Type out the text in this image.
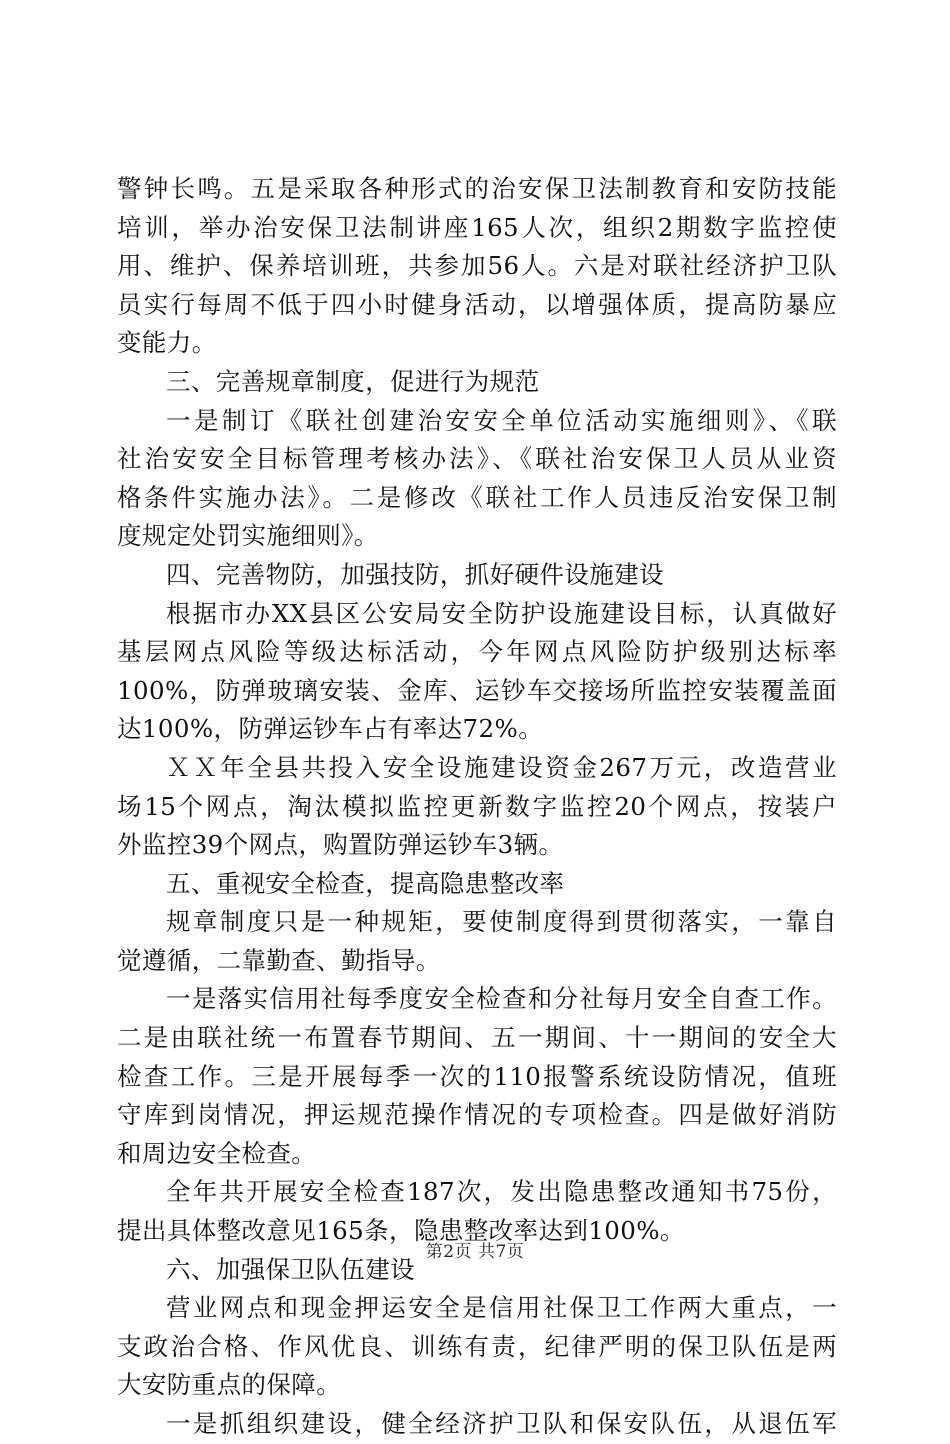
警钟长鸣。五是采取各种形式的治安保卫法制教育和安防技能
培训，举办治安保卫法制讲座165人次，组织2期数字监控使
用、维护、保养培训班，共参加56人。六是对联社经济护卫队
员实行每周不低于四小时健身活动，以增强体质，提高防暴应
变能力。
三、完善规章制度，促进行为规范
一是制订《联社创建治安安全单位活动实施细则》、《联
社治安安全目标管理考核办法》、《联社治安保卫人员从业资
格条件实施办法》。二是修改《联社工作人员违反治安保卫制
度规定处罚实施细则》。
四、完善物防，加强技防，抓好硬件设施建设
根据市办XX县区公安局安全防护设施建设目标，认真做好
基层网点风险等级达标活动，今年网点风险防护级别达标率
100%，防弹玻璃安装、金库、运钞车交接场所监控安装覆盖面
达100%，防弹运钞车占有率达72%。
ＸＸ年全县共投入安全设施建设资金267万元，改造营业
场15个网点，淘汰模拟监控更新数字监控20个网点，按装户
外监控39个网点，购置防弹运钞车3辆。
五、重视安全检查，提高隐患整改率
规章制度只是一种规矩，要使制度得到贯彻落实，一靠自
觉遵循，二靠勤查、勤指导。
一是落实信用社每季度安全检查和分社每月安全自查工作。
二是由联社统一布置春节期间、五一期间、十一期间的安全大
检查工作。三是开展每季一次的110报警系统设防情况，值班
守库到岗情况，押运规范操作情况的专项检查。四是做好消防
和周边安全检查。
全年共开展安全检查187次，发出隐患整改通知书75份，
提出具体整改意见165条，隐患整改率达到100%。
六、加强保卫队伍建设
营业网点和现金押运安全是信用社保卫工作两大重点，一
支政治合格、作风优良、训练有责，纪律严明的保卫队伍是两
大安防重点的保障。
一是抓组织建设，健全经济护卫队和保安队伍，从退伍军
第2页 共7页
